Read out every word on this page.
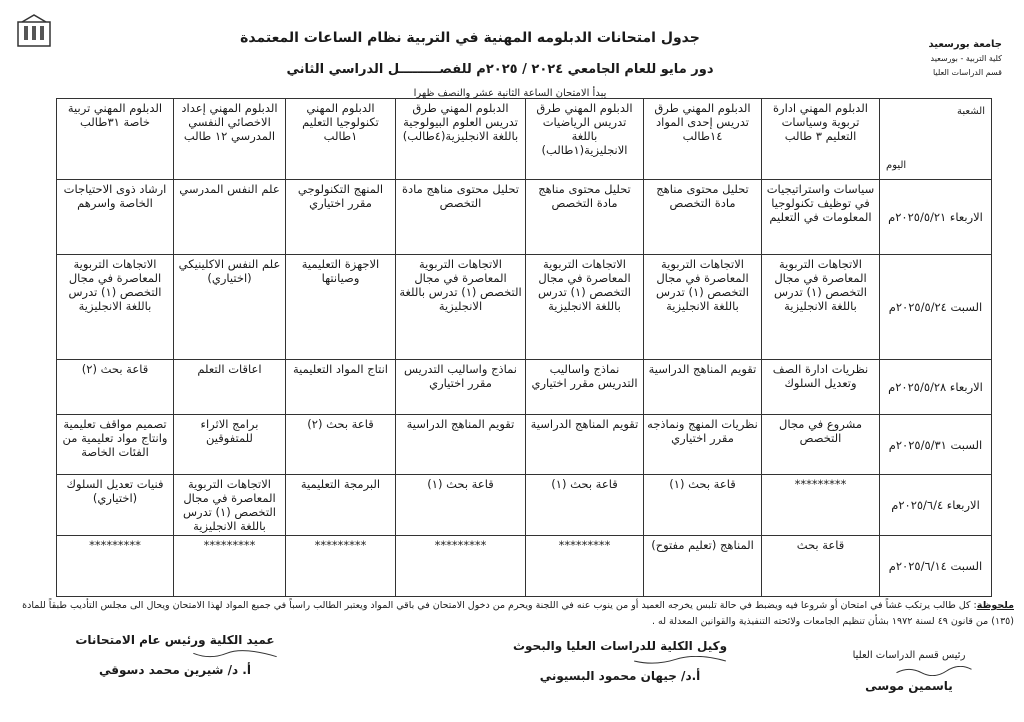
جامعة بورسعيد
كلية التربية - بورسعيد
قسم الدراسات العليا
جدول امتحانات الدبلومه المهنية في التربية نظام الساعات المعتمدة
دور مايو للعام الجامعي ٢٠٢٤ / ٢٠٢٥م للفصـــــــــل الدراسي الثاني
يبدأ الامتحان الساعة الثانية عشر والنصف ظهرا
الشعبة
اليوم	الدبلوم المهني ادارة تربوية وسياسات التعليم ٣ طالب	الدبلوم المهني طرق تدريس إحدى المواد ١٤طالب	الدبلوم المهني طرق تدريس الرياضيات باللغة الانجليزية(١طالب)	الدبلوم المهني طرق تدريس العلوم البيولوجية باللغة الانجليزية(٤طالب)	الدبلوم المهني تكنولوجيا التعليم ١طالب	الدبلوم المهني إعداد الاخصائي النفسي المدرسي ١٢ طالب	الدبلوم المهني تربية خاصة ٣١طالب
الاربعاء ٢٠٢٥/٥/٢١م	سياسات واستراتيجيات في توظيف تكنولوجيا المعلومات في التعليم	تحليل محتوى مناهج مادة التخصص	تحليل محتوى مناهج مادة التخصص	تحليل محتوى مناهج مادة التخصص	المنهج التكنولوجي مقرر اختياري	علم النفس المدرسي	ارشاد ذوى الاحتياجات الخاصة واسرهم
السبت ٢٠٢٥/٥/٢٤م	الاتجاهات التربوية المعاصرة في مجال التخصص (١) تدرس باللغة الانجليزية	الاتجاهات التربوية المعاصرة في مجال التخصص (١) تدرس باللغة الانجليزية	الاتجاهات التربوية المعاصرة في مجال التخصص (١) تدرس باللغة الانجليزية	الاتجاهات التربوية المعاصرة في مجال التخصص (١) تدرس باللغة الانجليزية	الاجهزة التعليمية وصيانتها	علم النفس الاكلينيكي (اختياري)	الاتجاهات التربوية المعاصرة في مجال التخصص (١) تدرس باللغة الانجليزية
الاربعاء ٢٠٢٥/٥/٢٨م	نظريات ادارة الصف وتعديل السلوك	تقويم المناهج الدراسية	نماذج واساليب التدريس مقرر اختياري	نماذج واساليب التدريس مقرر اختياري	انتاج المواد التعليمية	اعاقات التعلم	قاعة بحث (٢)
السبت ٢٠٢٥/٥/٣١م	مشروع في مجال التخصص	نظريات المنهج ونماذجه مقرر اختياري	تقويم المناهج الدراسية	تقويم المناهج الدراسية	قاعة بحث (٢)	برامج الاثراء للمتفوقين	تصميم مواقف تعليمية وانتاج مواد تعليمية من الفئات الخاصة
الاربعاء ٢٠٢٥/٦/٤م	*********	قاعة بحث (١)	قاعة بحث (١)	قاعة بحث (١)	البرمجة التعليمية	الاتجاهات التربوية المعاصرة في مجال التخصص (١) تدرس باللغة الانجليزية	فنيات تعديل السلوك (اختياري)
السبت ٢٠٢٥/٦/١٤م	قاعة بحث	المناهج (تعليم مفتوح)	*********	*********	*********	*********	*********
ملحوظة: كل طالب يرتكب غشاً في امتحان أو شروعا فيه ويضبط في حالة تلبس يخرجه العميد أو من ينوب عنه في اللجنة ويحرم من دخول الامتحان في باقي المواد ويعتبر الطالب راسباً في جميع المواد لهذا الامتحان ويحال الى مجلس التأديب طبقاً للمادة (١٣٥) من قانون ٤٩ لسنة ١٩٧٢ بشأن تنظيم الجامعات ولائحته التنفيذية والقوانين المعدلة له .
رئيس قسم الدراسات العليا
ياسمين موسى
وكيل الكلية للدراسات العليا والبحوث
أ.د/ جيهان محمود البسيوني
عميد الكلية ورئيس عام الامتحانات
أ. د/ شيرين محمد دسوقي
